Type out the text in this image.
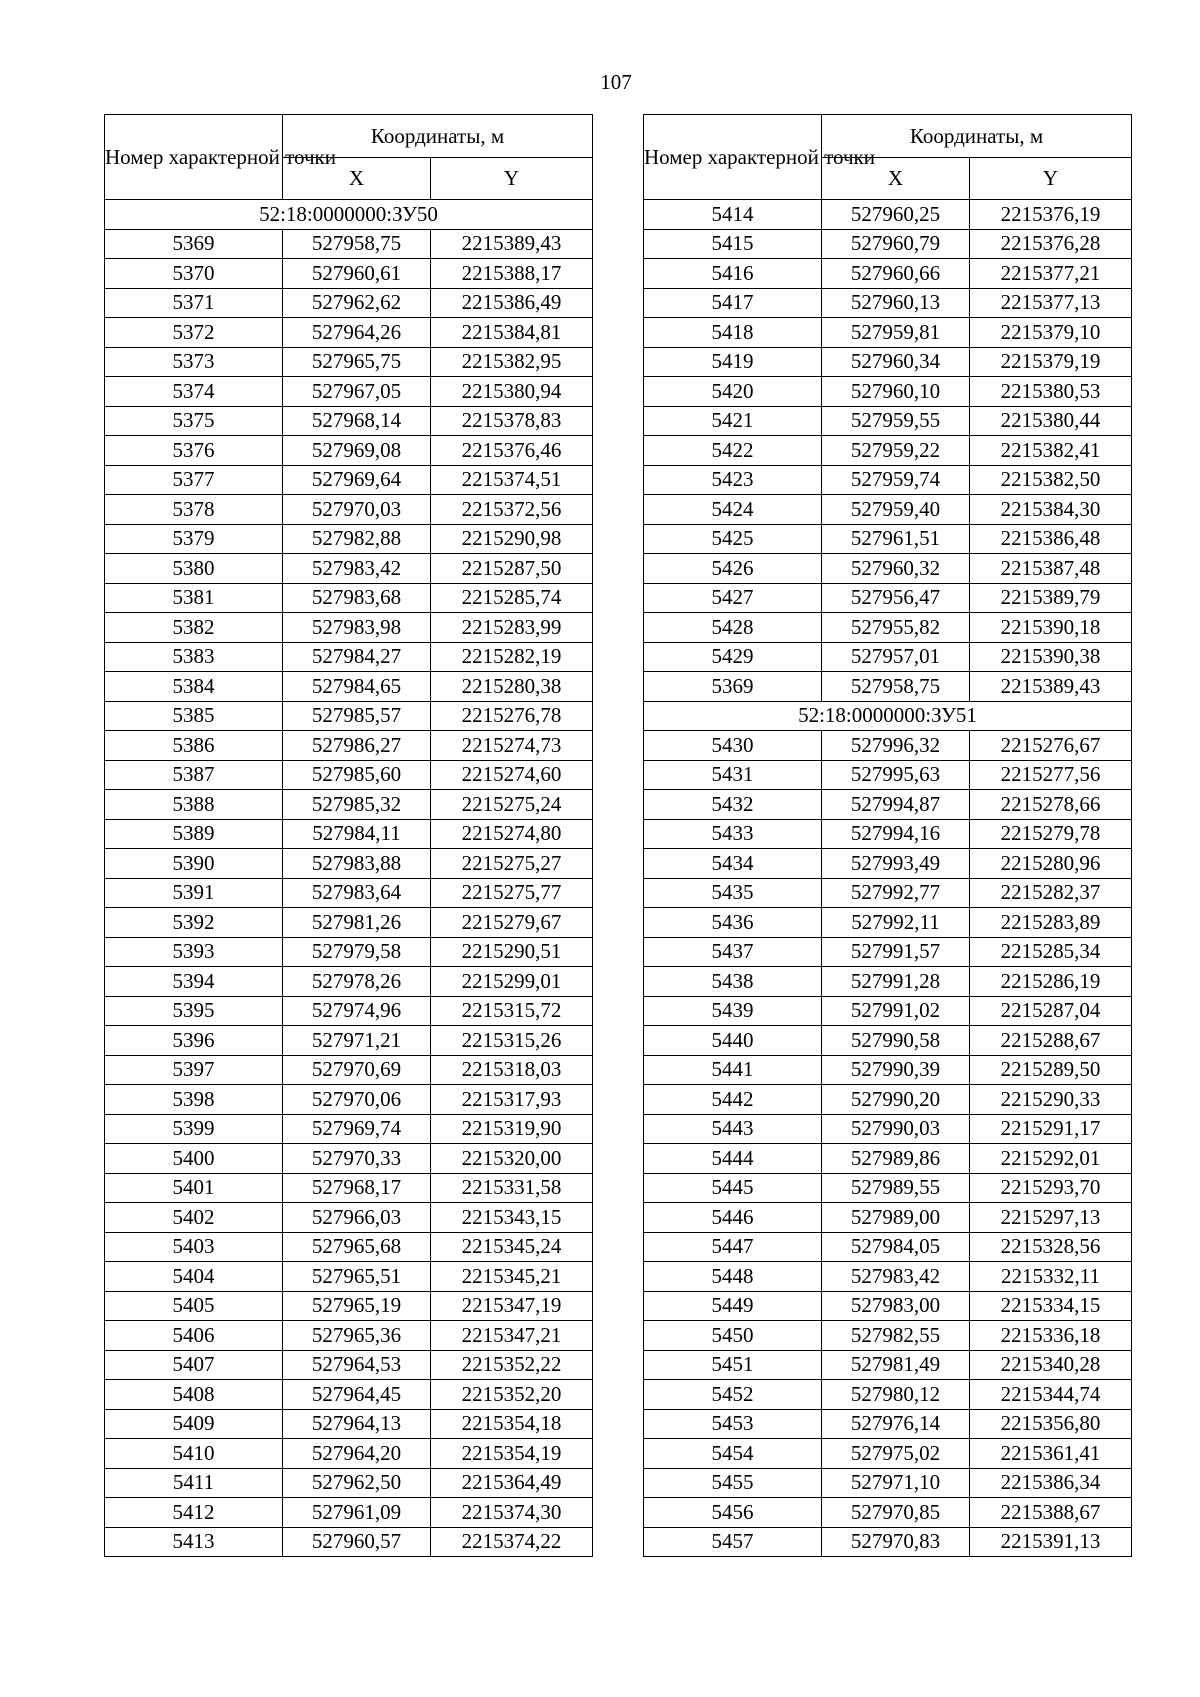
107
Номер характерной точки	Координаты, м	
	X	Y
52:18:0000000:ЗУ50		
5369	527958,75	2215389,43
5370	527960,61	2215388,17
5371	527962,62	2215386,49
5372	527964,26	2215384,81
5373	527965,75	2215382,95
5374	527967,05	2215380,94
5375	527968,14	2215378,83
5376	527969,08	2215376,46
5377	527969,64	2215374,51
5378	527970,03	2215372,56
5379	527982,88	2215290,98
5380	527983,42	2215287,50
5381	527983,68	2215285,74
5382	527983,98	2215283,99
5383	527984,27	2215282,19
5384	527984,65	2215280,38
5385	527985,57	2215276,78
5386	527986,27	2215274,73
5387	527985,60	2215274,60
5388	527985,32	2215275,24
5389	527984,11	2215274,80
5390	527983,88	2215275,27
5391	527983,64	2215275,77
5392	527981,26	2215279,67
5393	527979,58	2215290,51
5394	527978,26	2215299,01
5395	527974,96	2215315,72
5396	527971,21	2215315,26
5397	527970,69	2215318,03
5398	527970,06	2215317,93
5399	527969,74	2215319,90
5400	527970,33	2215320,00
5401	527968,17	2215331,58
5402	527966,03	2215343,15
5403	527965,68	2215345,24
5404	527965,51	2215345,21
5405	527965,19	2215347,19
5406	527965,36	2215347,21
5407	527964,53	2215352,22
5408	527964,45	2215352,20
5409	527964,13	2215354,18
5410	527964,20	2215354,19
5411	527962,50	2215364,49
5412	527961,09	2215374,30
5413	527960,57	2215374,22
Номер характерной точки	Координаты, м	
	X	Y
5414	527960,25	2215376,19
5415	527960,79	2215376,28
5416	527960,66	2215377,21
5417	527960,13	2215377,13
5418	527959,81	2215379,10
5419	527960,34	2215379,19
5420	527960,10	2215380,53
5421	527959,55	2215380,44
5422	527959,22	2215382,41
5423	527959,74	2215382,50
5424	527959,40	2215384,30
5425	527961,51	2215386,48
5426	527960,32	2215387,48
5427	527956,47	2215389,79
5428	527955,82	2215390,18
5429	527957,01	2215390,38
5369	527958,75	2215389,43
52:18:0000000:ЗУ51		
5430	527996,32	2215276,67
5431	527995,63	2215277,56
5432	527994,87	2215278,66
5433	527994,16	2215279,78
5434	527993,49	2215280,96
5435	527992,77	2215282,37
5436	527992,11	2215283,89
5437	527991,57	2215285,34
5438	527991,28	2215286,19
5439	527991,02	2215287,04
5440	527990,58	2215288,67
5441	527990,39	2215289,50
5442	527990,20	2215290,33
5443	527990,03	2215291,17
5444	527989,86	2215292,01
5445	527989,55	2215293,70
5446	527989,00	2215297,13
5447	527984,05	2215328,56
5448	527983,42	2215332,11
5449	527983,00	2215334,15
5450	527982,55	2215336,18
5451	527981,49	2215340,28
5452	527980,12	2215344,74
5453	527976,14	2215356,80
5454	527975,02	2215361,41
5455	527971,10	2215386,34
5456	527970,85	2215388,67
5457	527970,83	2215391,13
